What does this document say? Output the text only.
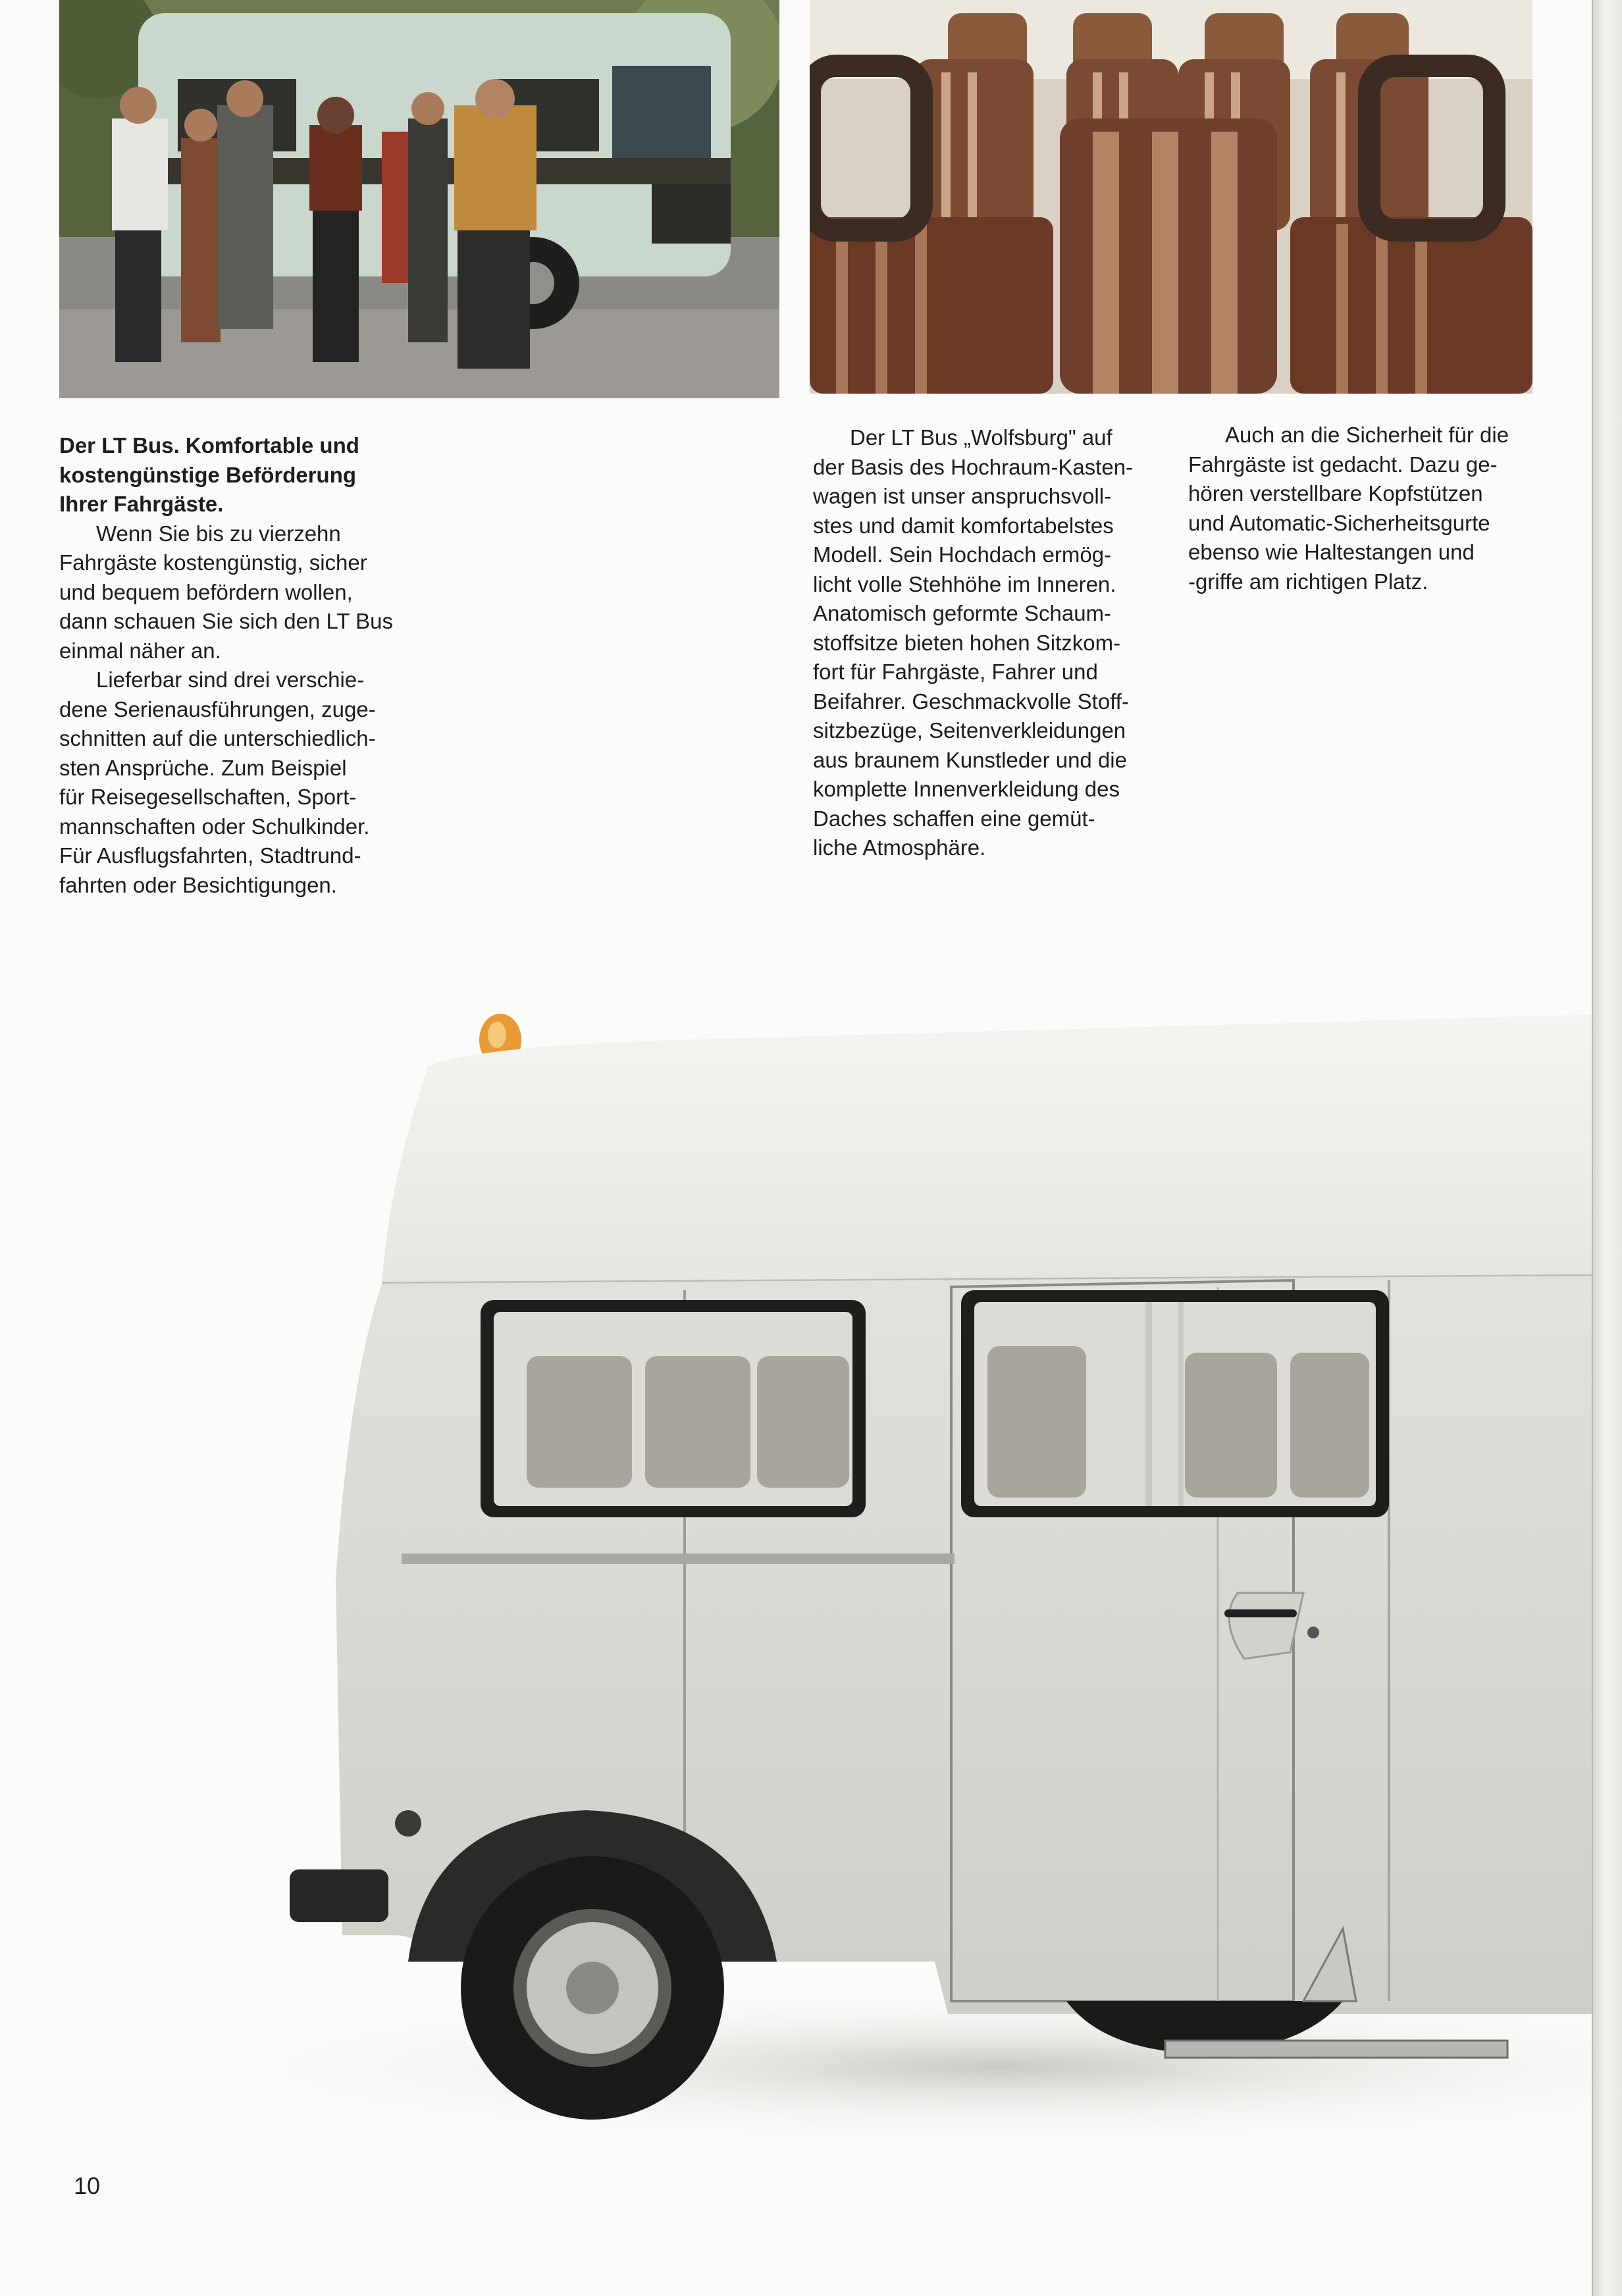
Der LT Bus. Komfortable und
kostengünstige Beförderung
Ihrer Fahrgäste.

Wenn Sie bis zu vierzehn
Fahrgäste kostengünstig, sicher
und bequem befördern wollen,
dann schauen Sie sich den LT Bus
einmal näher an.

Lieferbar sind drei verschie-
dene Serienausführungen, zuge-
schnitten auf die unterschiedlich-
sten Ansprüche. Zum Beispiel
für Reisegesellschaften, Sport-
mannschaften oder Schulkinder.
Für Ausflugsfahrten, Stadtrund-
fahrten oder Besichtigungen.

Der LT Bus „Wolfsburg" auf
der Basis des Hochraum-Kasten-
wagen ist unser anspruchsvoll-
stes und damit komfortabelstes
Modell. Sein Hochdach ermög-
licht volle Stehhöhe im Inneren.
Anatomisch geformte Schaum-
stoffsitze bieten hohen Sitzkom-
fort für Fahrgäste, Fahrer und
Beifahrer. Geschmackvolle Stoff-
sitzbezüge, Seitenverkleidungen
aus braunem Kunstleder und die
komplette Innenverkleidung des
Daches schaffen eine gemüt-
liche Atmosphäre.

Auch an die Sicherheit für die
Fahrgäste ist gedacht. Dazu ge-
hören verstellbare Kopfstützen
und Automatic-Sicherheitsgurte
ebenso wie Haltestangen und
-griffe am richtigen Platz.

10
